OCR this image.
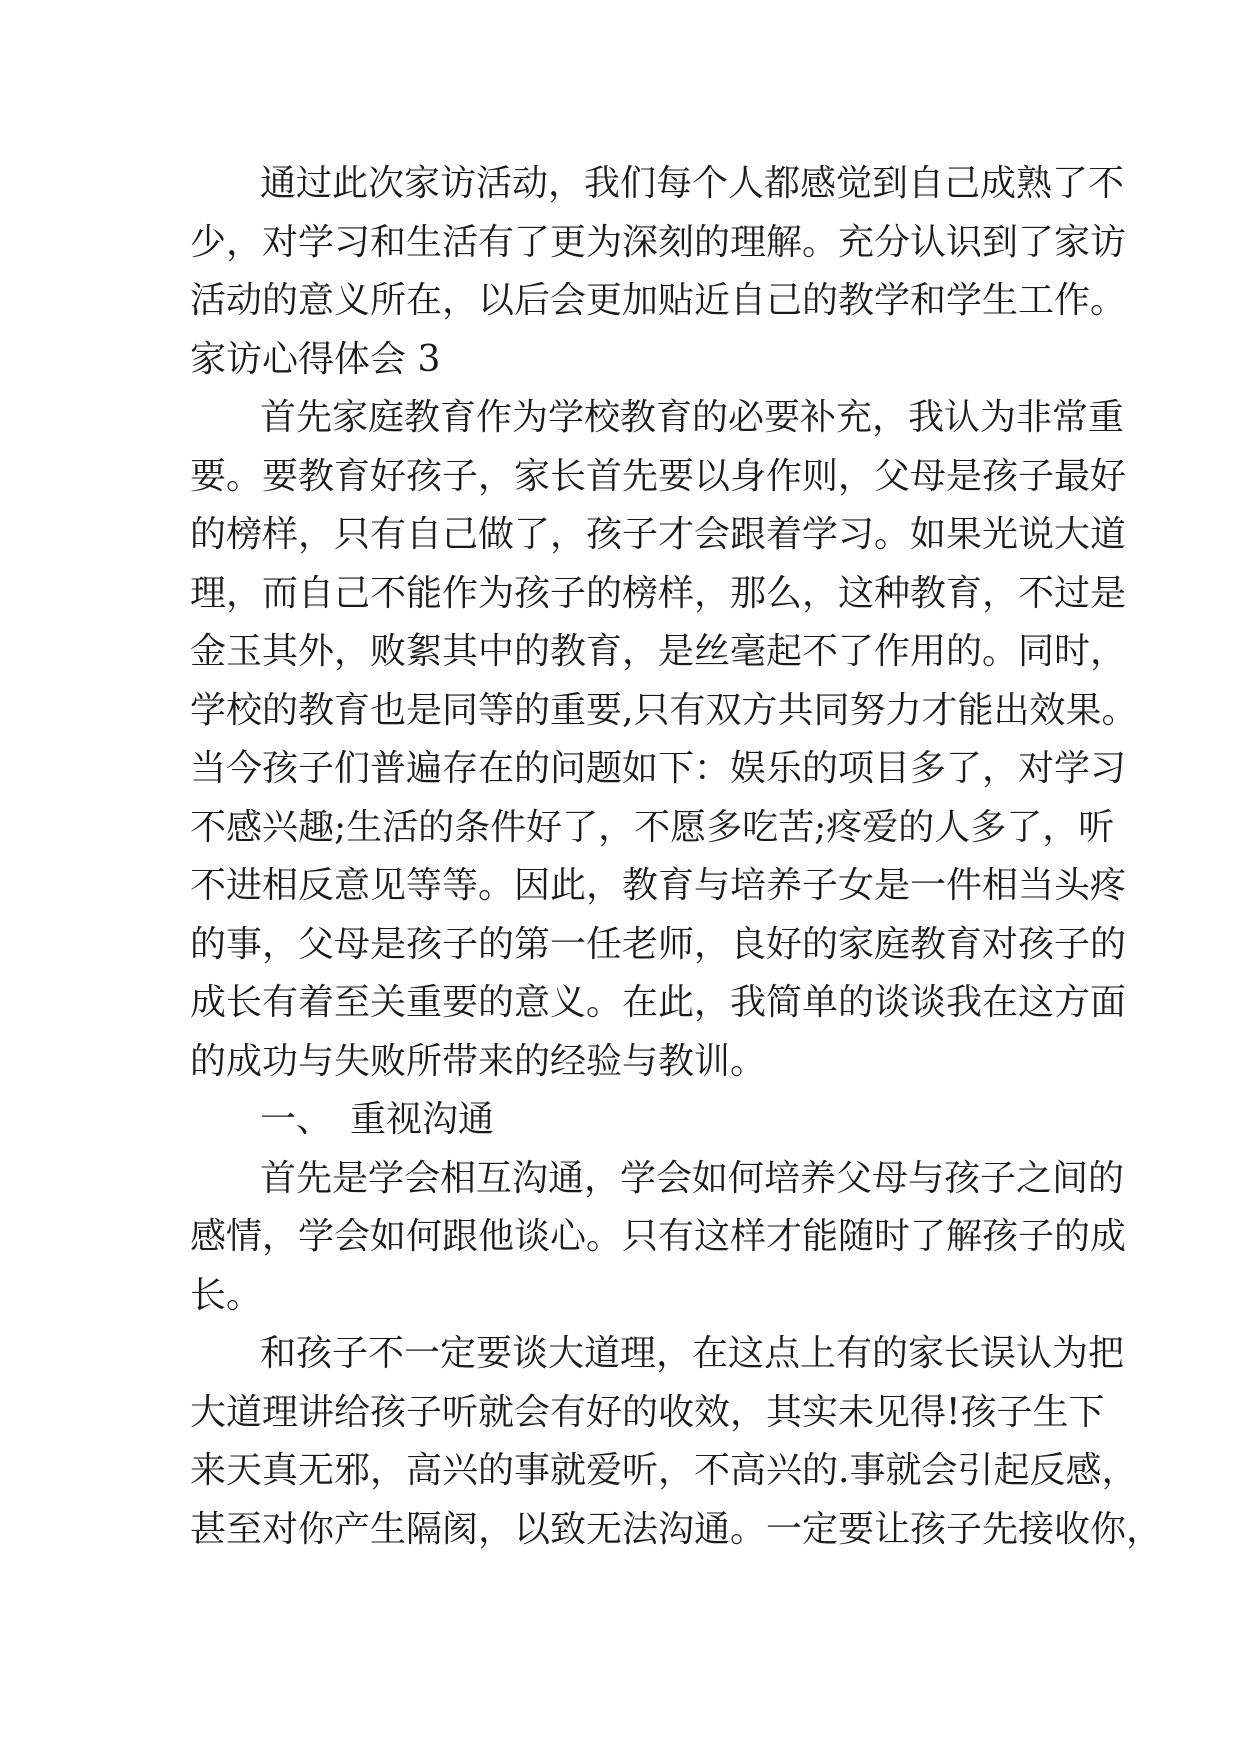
通过此次家访活动，我们每个人都感觉到自己成熟了不
少，对学习和生活有了更为深刻的理解。充分认识到了家访
活动的意义所在，以后会更加贴近自己的教学和学生工作。
家访心得体会 3
首先家庭教育作为学校教育的必要补充，我认为非常重
要。要教育好孩子，家长首先要以身作则，父母是孩子最好
的榜样，只有自己做了，孩子才会跟着学习。如果光说大道
理，而自己不能作为孩子的榜样，那么，这种教育，不过是
金玉其外，败絮其中的教育，是丝毫起不了作用的。同时，
学校的教育也是同等的重要,只有双方共同努力才能出效果。
当今孩子们普遍存在的问题如下：娱乐的项目多了，对学习
不感兴趣;生活的条件好了，不愿多吃苦;疼爱的人多了，听
不进相反意见等等。因此，教育与培养子女是一件相当头疼
的事，父母是孩子的第一任老师，良好的家庭教育对孩子的
成长有着至关重要的意义。在此，我简单的谈谈我在这方面
的成功与失败所带来的经验与教训。
一、　重视沟通
首先是学会相互沟通，学会如何培养父母与孩子之间的
感情，学会如何跟他谈心。只有这样才能随时了解孩子的成
长。
和孩子不一定要谈大道理，在这点上有的家长误认为把
大道理讲给孩子听就会有好的收效，其实未见得!孩子生下
来天真无邪，高兴的事就爱听，不高兴的.事就会引起反感，
甚至对你产生隔阂，以致无法沟通。一定要让孩子先接收你，
